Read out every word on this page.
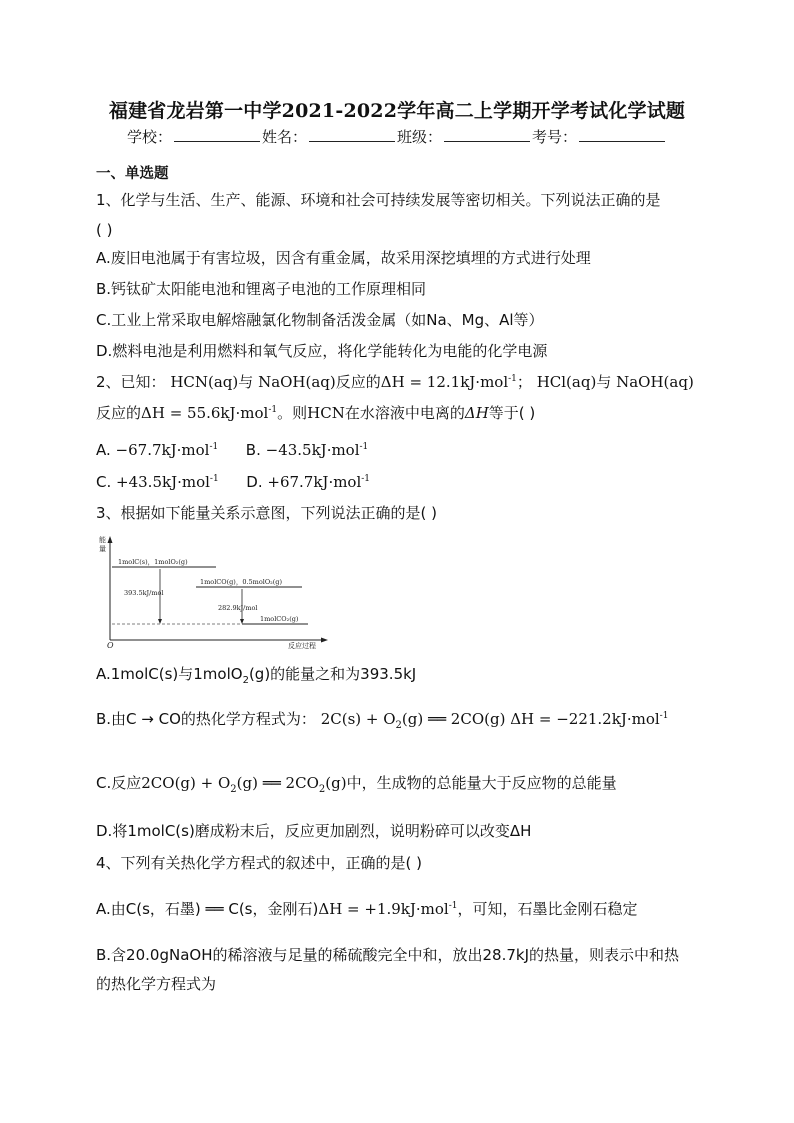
福建省龙岩第一中学2021-2022学年高二上学期开学考试化学试题
学校：	姓名：	班级：	考号：
一、单选题
1、化学与生活、生产、能源、环境和社会可持续发展等密切相关。下列说法正确的是
( )
A.废旧电池属于有害垃圾，因含有重金属，故采用深挖填埋的方式进行处理
B.钙钛矿太阳能电池和锂离子电池的工作原理相同
C.工业上常采取电解熔融氯化物制备活泼金属（如Na、Mg、Al等）
D.燃料电池是利用燃料和氧气反应，将化学能转化为电能的化学电源
2、已知： HCN(aq)与 NaOH(aq)反应的ΔH = 12.1kJ·mol$^{-1}$； HCl(aq)与 NaOH(aq)
反应的ΔH = 55.6kJ·mol$^{-1}$。则HCN在水溶液中电离的ΔH等于( )
A. −67.7kJ·mol$^{-1}$ B. −43.5kJ·mol$^{-1}$
C. +43.5kJ·mol$^{-1}$ D. +67.7kJ·mol$^{-1}$
3、根据如下能量关系示意图，下列说法正确的是( )
能
量
O	反应过程
1molC(s)，1molO₂(g)
1molCO(g)，0.5molO₂(g)
1molCO₂(g)
393.5kJ/mol
282.9kJ/mol
A.1molC(s)与1molO$_2$(g)的能量之和为393.5kJ
B.由C → CO的热化学方程式为： $2C(s) + O_2(g)$ ══ 2CO(g) ΔH = −221.2kJ·mol$^{-1}$
C.反应$2CO(g) + O_2(g)$ ══ $2CO_2(g)$中，生成物的总能量大于反应物的总能量
D.将1molC(s)磨成粉末后，反应更加剧烈，说明粉碎可以改变ΔH
4、下列有关热化学方程式的叙述中，正确的是( )
A.由C(s，石墨) ══ C(s，金刚石)ΔH = +1.9kJ·mol$^{-1}$，可知，石墨比金刚石稳定
B.含20.0gNaOH的稀溶液与足量的稀硫酸完全中和，放出28.7kJ的热量，则表示中和热
的热化学方程式为
